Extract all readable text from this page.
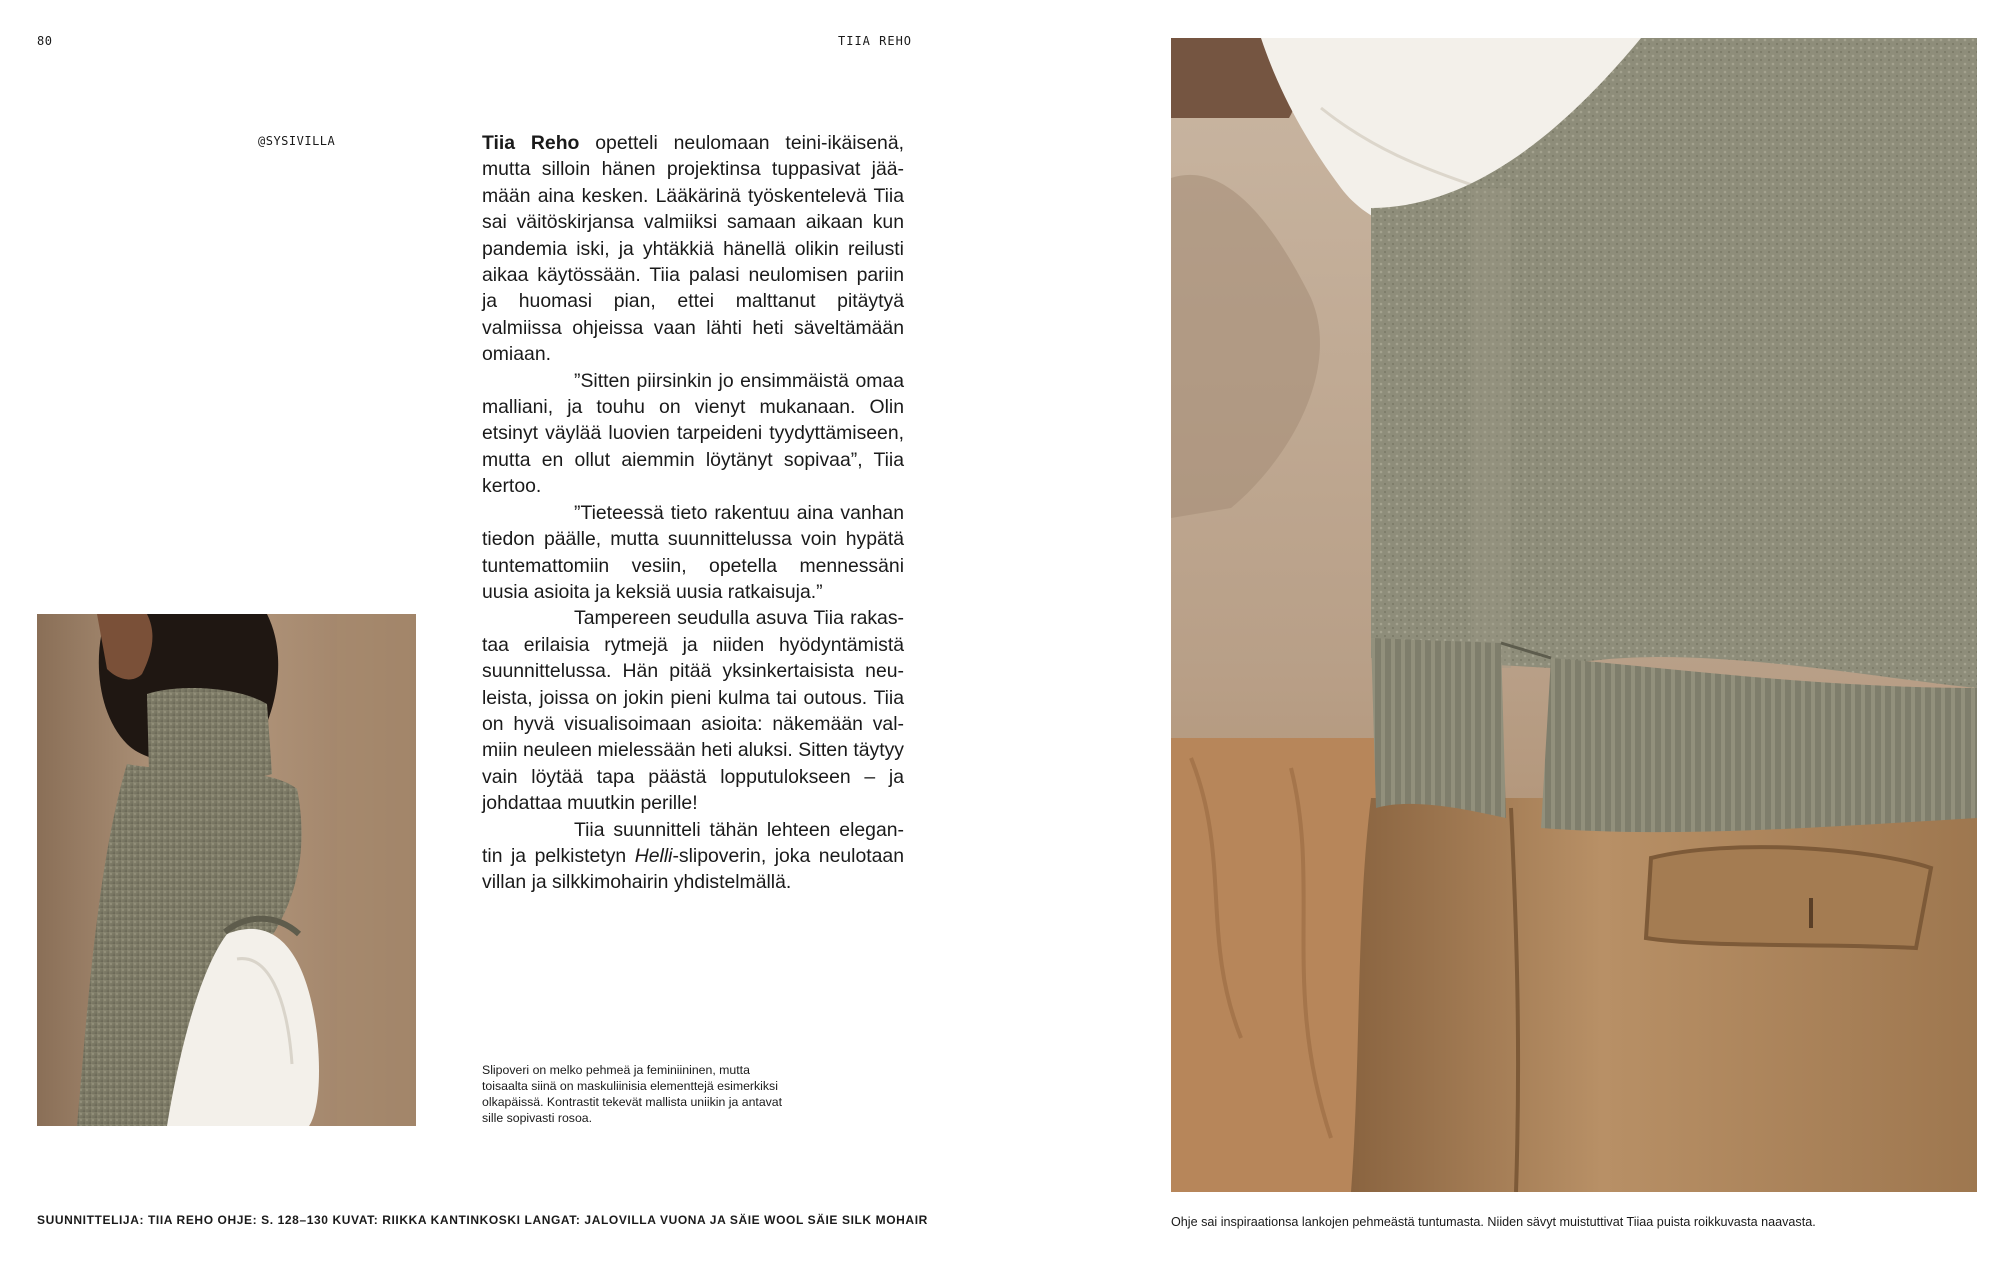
80	TIIA REHO
@SYSIVILLA	Tiia Reho opetteli neulomaan teini-ikäisenä, mutta silloin hänen projektinsa tuppasivat jäämään aina kesken. Lääkärinä työskentelevä Tiia sai väitöskirjansa valmiiksi samaan aikaan kun pandemia iski, ja yhtäkkiä hänellä olikin reilusti aikaa käytössään. Tiia palasi neulomisen pariin ja huomasi pian, ettei malttanut pitäytyä valmiissa ohjeissa vaan lähti heti säveltämään omiaan.

”Sitten piirsinkin jo ensimmäistä omaa malliani, ja touhu on vienyt mukanaan. Olin etsinyt väylää luovien tarpeideni tyydyttämiseen, mutta en ollut aiemmin löytänyt sopivaa”, Tiia kertoo.

”Tieteessä tieto rakentuu aina vanhan tiedon päälle, mutta suunnittelussa voin hypätä tuntemattomiin vesiin, opetella mennessäni uusia asioita ja keksiä uusia ratkaisuja.”

Tampereen seudulla asuva Tiia rakastaa erilaisia rytmejä ja niiden hyödyntämistä suunnittelussa. Hän pitää yksinkertaisista neuleista, joissa on jokin pieni kulma tai outous. Tiia on hyvä visualisoimaan asioita: näkemään valmiin neuleen mielessään heti aluksi. Sitten täytyy vain löytää tapa päästä lopputulokseen – ja johdattaa muutkin perille!

Tiia suunnitteli tähän lehteen elegantin ja pelkistetyn Helli-slipoverin, joka neulotaan villan ja silkkimohairin yhdistelmällä.

Slipoveri on melko pehmeä ja feminiininen, mutta toisaalta siinä on maskuliinisia elementtejä esimerkiksi olkapäissä. Kontrastit tekevät mallista uniikin ja antavat sille sopivasti rosoa.
Ohje sai inspiraationsa lankojen pehmeästä tuntumasta. Niiden sävyt muistuttivat Tiiaa puista roikkuvasta naavasta.
SUUNNITTELIJA: TIIA REHO OHJE: S. 128–130 KUVAT: RIIKKA KANTINKOSKI LANGAT: JALOVILLA VUONA JA SÄIE WOOL SÄIE SILK MOHAIR
